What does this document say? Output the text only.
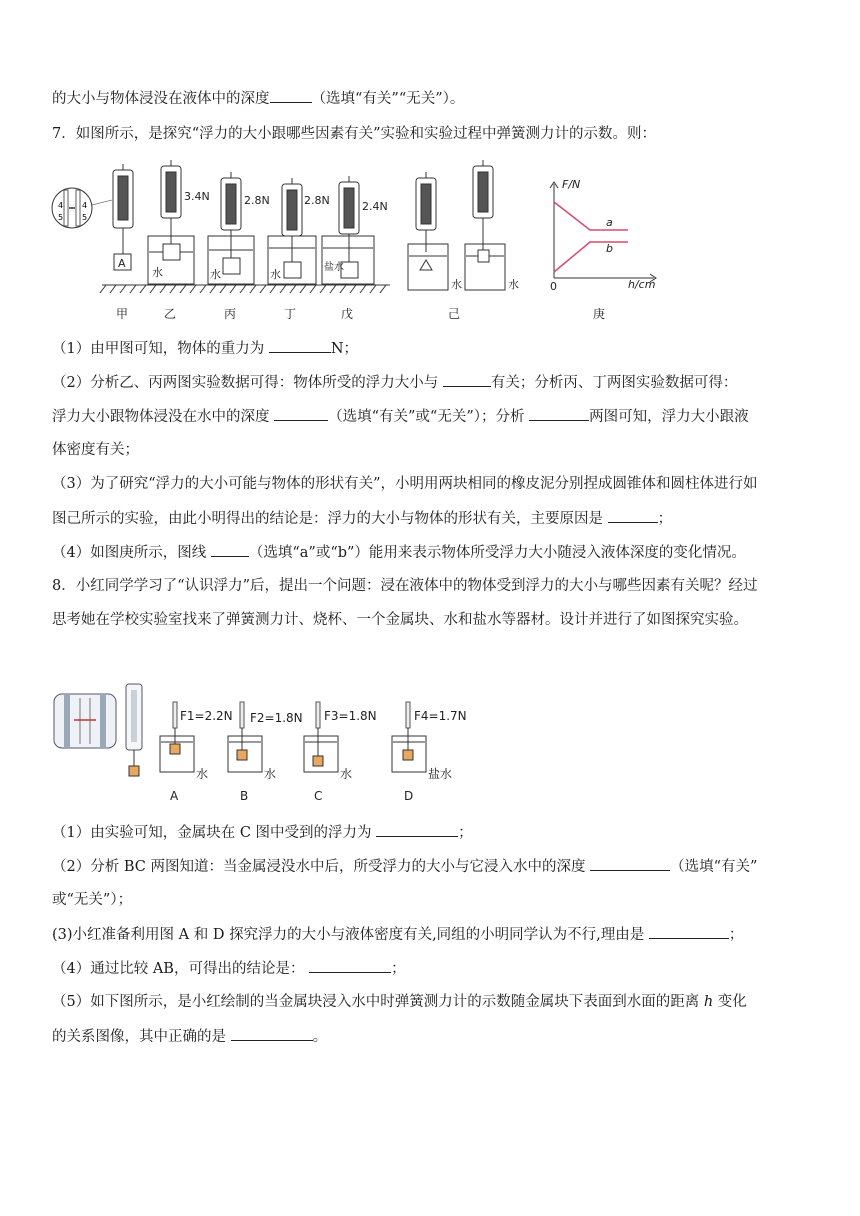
的大小与物体浸没在液体中的深度	（选填“有关”“无关”）。
7．如图所示，是探究“浮力的大小跟哪些因素有关”实验和实验过程中弹簧测力计的示数。则：
4
5
4
5
A
3.4N
水
2.8N
水
2.8N
水
2.4N
盐水
水	水
F/N
h/cm
0
a
b
甲	乙	丙	丁	戊	己	庚
（1）由甲图可知，物体的重力为	N；
（2）分析乙、丙两图实验数据可得：物体所受的浮力大小与	有关；分析丙、丁两图实验数据可得：
浮力大小跟物体浸没在水中的深度	（选填“有关”或“无关”）；分析	两图可知，浮力大小跟液
体密度有关；
（3）为了研究“浮力的大小可能与物体的形状有关”，小明用两块相同的橡皮泥分别捏成圆锥体和圆柱体进行如
图己所示的实验，由此小明得出的结论是：浮力的大小与物体的形状有关，主要原因是	；
（4）如图庚所示，图线	（选填“a”或“b”）能用来表示物体所受浮力大小随浸入液体深度的变化情况。
8．小红同学学习了“认识浮力”后，提出一个问题：浸在液体中的物体受到浮力的大小与哪些因素有关呢？经过
思考她在学校实验室找来了弹簧测力计、烧杯、一个金属块、水和盐水等器材。设计并进行了如图探究实验。
F1=2.2N F2=1.8N F3=1.8N	F4=1.7N
水	水	水	盐水
A	B	C	D
（1）由实验可知，金属块在 C 图中受到的浮力为	；
（2）分析 BC 两图知道：当金属浸没水中后，所受浮力的大小与它浸入水中的深度	（选填“有关”
或“无关”）；
(3)小红准备利用图 A 和 D 探究浮力的大小与液体密度有关,同组的小明同学认为不行,理由是	；
（4）通过比较 AB，可得出的结论是：	；
（5）如下图所示，是小红绘制的当金属块浸入水中时弹簧测力计的示数随金属块下表面到水面的距离 h 变化
的关系图像，其中正确的是	。
